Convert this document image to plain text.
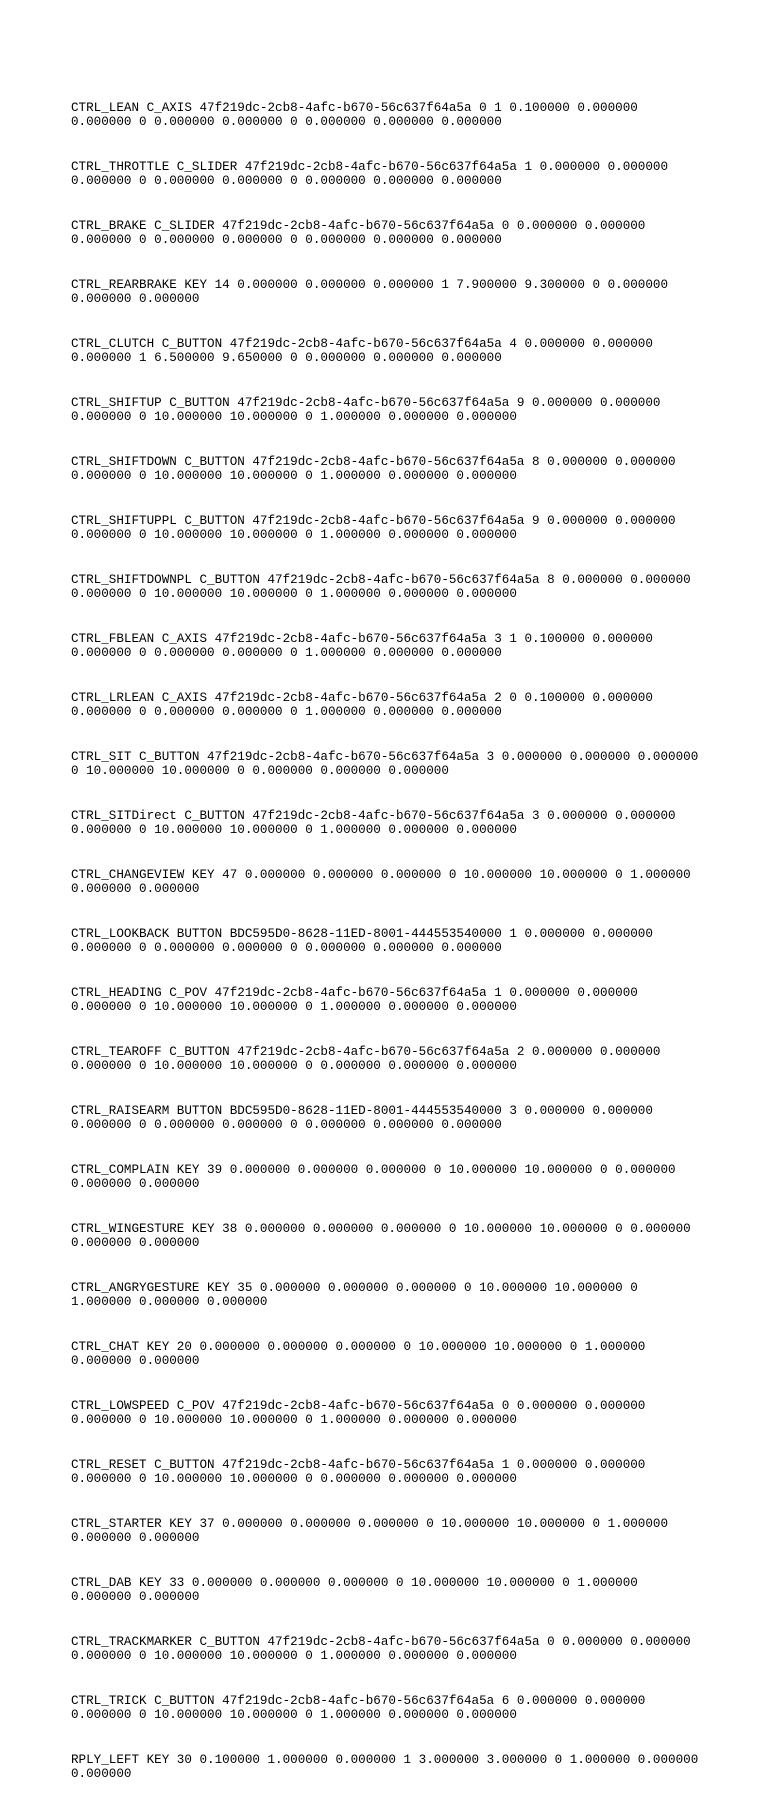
CTRL_LEAN C_AXIS 47f219dc-2cb8-4afc-b670-56c637f64a5a 0 1 0.100000 0.000000
0.000000 0 0.000000 0.000000 0 0.000000 0.000000 0.000000

CTRL_THROTTLE C_SLIDER 47f219dc-2cb8-4afc-b670-56c637f64a5a 1 0.000000 0.000000
0.000000 0 0.000000 0.000000 0 0.000000 0.000000 0.000000

CTRL_BRAKE C_SLIDER 47f219dc-2cb8-4afc-b670-56c637f64a5a 0 0.000000 0.000000
0.000000 0 0.000000 0.000000 0 0.000000 0.000000 0.000000

CTRL_REARBRAKE KEY 14 0.000000 0.000000 0.000000 1 7.900000 9.300000 0 0.000000
0.000000 0.000000

CTRL_CLUTCH C_BUTTON 47f219dc-2cb8-4afc-b670-56c637f64a5a 4 0.000000 0.000000
0.000000 1 6.500000 9.650000 0 0.000000 0.000000 0.000000

CTRL_SHIFTUP C_BUTTON 47f219dc-2cb8-4afc-b670-56c637f64a5a 9 0.000000 0.000000
0.000000 0 10.000000 10.000000 0 1.000000 0.000000 0.000000

CTRL_SHIFTDOWN C_BUTTON 47f219dc-2cb8-4afc-b670-56c637f64a5a 8 0.000000 0.000000
0.000000 0 10.000000 10.000000 0 1.000000 0.000000 0.000000

CTRL_SHIFTUPPL C_BUTTON 47f219dc-2cb8-4afc-b670-56c637f64a5a 9 0.000000 0.000000
0.000000 0 10.000000 10.000000 0 1.000000 0.000000 0.000000

CTRL_SHIFTDOWNPL C_BUTTON 47f219dc-2cb8-4afc-b670-56c637f64a5a 8 0.000000 0.000000
0.000000 0 10.000000 10.000000 0 1.000000 0.000000 0.000000

CTRL_FBLEAN C_AXIS 47f219dc-2cb8-4afc-b670-56c637f64a5a 3 1 0.100000 0.000000
0.000000 0 0.000000 0.000000 0 1.000000 0.000000 0.000000

CTRL_LRLEAN C_AXIS 47f219dc-2cb8-4afc-b670-56c637f64a5a 2 0 0.100000 0.000000
0.000000 0 0.000000 0.000000 0 1.000000 0.000000 0.000000

CTRL_SIT C_BUTTON 47f219dc-2cb8-4afc-b670-56c637f64a5a 3 0.000000 0.000000 0.000000
0 10.000000 10.000000 0 0.000000 0.000000 0.000000

CTRL_SITDirect C_BUTTON 47f219dc-2cb8-4afc-b670-56c637f64a5a 3 0.000000 0.000000
0.000000 0 10.000000 10.000000 0 1.000000 0.000000 0.000000

CTRL_CHANGEVIEW KEY 47 0.000000 0.000000 0.000000 0 10.000000 10.000000 0 1.000000
0.000000 0.000000

CTRL_LOOKBACK BUTTON BDC595D0-8628-11ED-8001-444553540000 1 0.000000 0.000000
0.000000 0 0.000000 0.000000 0 0.000000 0.000000 0.000000

CTRL_HEADING C_POV 47f219dc-2cb8-4afc-b670-56c637f64a5a 1 0.000000 0.000000
0.000000 0 10.000000 10.000000 0 1.000000 0.000000 0.000000

CTRL_TEAROFF C_BUTTON 47f219dc-2cb8-4afc-b670-56c637f64a5a 2 0.000000 0.000000
0.000000 0 10.000000 10.000000 0 0.000000 0.000000 0.000000

CTRL_RAISEARM BUTTON BDC595D0-8628-11ED-8001-444553540000 3 0.000000 0.000000
0.000000 0 0.000000 0.000000 0 0.000000 0.000000 0.000000

CTRL_COMPLAIN KEY 39 0.000000 0.000000 0.000000 0 10.000000 10.000000 0 0.000000
0.000000 0.000000

CTRL_WINGESTURE KEY 38 0.000000 0.000000 0.000000 0 10.000000 10.000000 0 0.000000
0.000000 0.000000

CTRL_ANGRYGESTURE KEY 35 0.000000 0.000000 0.000000 0 10.000000 10.000000 0
1.000000 0.000000 0.000000

CTRL_CHAT KEY 20 0.000000 0.000000 0.000000 0 10.000000 10.000000 0 1.000000
0.000000 0.000000

CTRL_LOWSPEED C_POV 47f219dc-2cb8-4afc-b670-56c637f64a5a 0 0.000000 0.000000
0.000000 0 10.000000 10.000000 0 1.000000 0.000000 0.000000

CTRL_RESET C_BUTTON 47f219dc-2cb8-4afc-b670-56c637f64a5a 1 0.000000 0.000000
0.000000 0 10.000000 10.000000 0 0.000000 0.000000 0.000000

CTRL_STARTER KEY 37 0.000000 0.000000 0.000000 0 10.000000 10.000000 0 1.000000
0.000000 0.000000

CTRL_DAB KEY 33 0.000000 0.000000 0.000000 0 10.000000 10.000000 0 1.000000
0.000000 0.000000

CTRL_TRACKMARKER C_BUTTON 47f219dc-2cb8-4afc-b670-56c637f64a5a 0 0.000000 0.000000
0.000000 0 10.000000 10.000000 0 1.000000 0.000000 0.000000

CTRL_TRICK C_BUTTON 47f219dc-2cb8-4afc-b670-56c637f64a5a 6 0.000000 0.000000
0.000000 0 10.000000 10.000000 0 1.000000 0.000000 0.000000

RPLY_LEFT KEY 30 0.100000 1.000000 0.000000 1 3.000000 3.000000 0 1.000000 0.000000
0.000000
